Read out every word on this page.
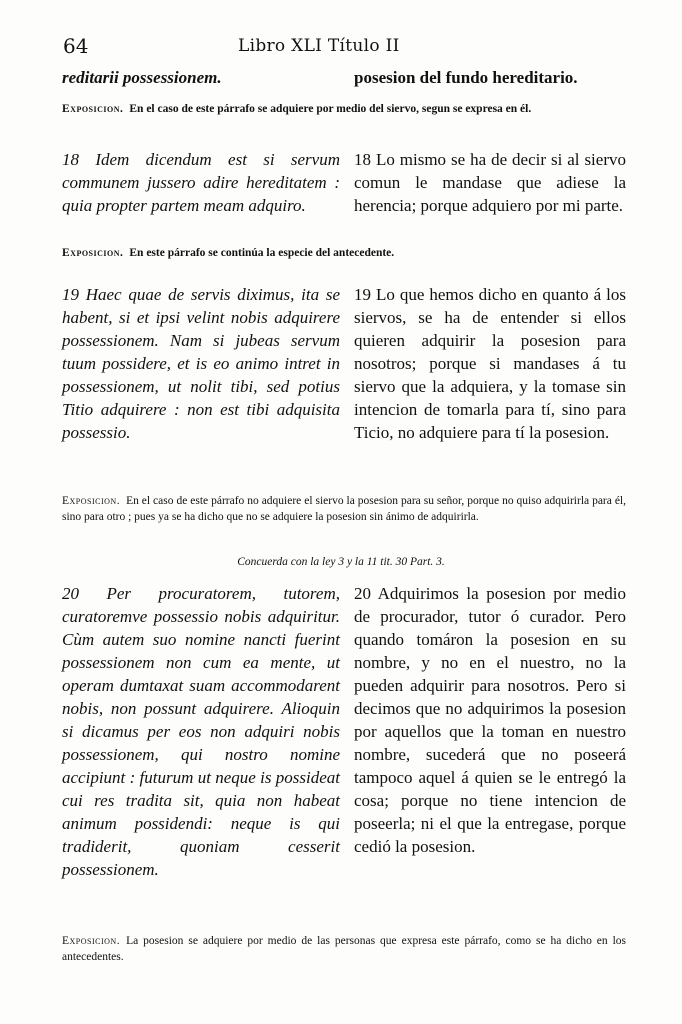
64	Libro XLI Título II
reditarii possessionem.	posesion del fundo hereditario.
Exposicion. En el caso de este párrafo se adquiere por medio del siervo, segun se expresa en él.
18 Idem dicendum est si servum communem jussero adire hereditatem : quia propter partem meam adquiro.
18 Lo mismo se ha de decir si al siervo comun le mandase que adiese la herencia; porque adquiero por mi parte.
Exposicion. En este párrafo se continúa la especie del antecedente.
19 Haec quae de servis diximus, ita se habent, si et ipsi velint nobis adquirere possessionem. Nam si jubeas servum tuum possidere, et is eo animo intret in possessionem, ut nolit tibi, sed potius Titio adquirere : non est tibi adquisita possessio.
19 Lo que hemos dicho en quanto á los siervos, se ha de entender si ellos quieren adquirir la posesion para nosotros; porque si mandases á tu siervo que la adquiera, y la tomase sin intencion de tomarla para tí, sino para Ticio, no adquiere para tí la posesion.
Exposicion. En el caso de este párrafo no adquiere el siervo la posesion para su señor, porque no quiso adquirirla para él, sino para otro ; pues ya se ha dicho que no se adquiere la posesion sin ánimo de adquirirla.
Concuerda con la ley 3 y la 11 tit. 30 Part. 3.
20 Per procuratorem, tutorem, curatoremve possessio nobis adquiritur. Cùm autem suo nomine nancti fuerint possessionem non cum ea mente, ut operam dumtaxat suam accommodarent nobis, non possunt adquirere. Alioquin si dicamus per eos non adquiri nobis possessionem, qui nostro nomine accipiunt : futurum ut neque is possideat cui res tradita sit, quia non habeat animum possidendi: neque is qui tradiderit, quoniam cesserit possessionem.
20 Adquirimos la posesion por medio de procurador, tutor ó curador. Pero quando tomáron la posesion en su nombre, y no en el nuestro, no la pueden adquirir para nosotros. Pero si decimos que no adquirimos la posesion por aquellos que la toman en nuestro nombre, sucederá que no poseerá tampoco aquel á quien se le entregó la cosa; porque no tiene intencion de poseerla; ni el que la entregase, porque cedió la posesion.
Exposicion. La posesion se adquiere por medio de las personas que expresa este párrafo, como se ha dicho en los antecedentes.
